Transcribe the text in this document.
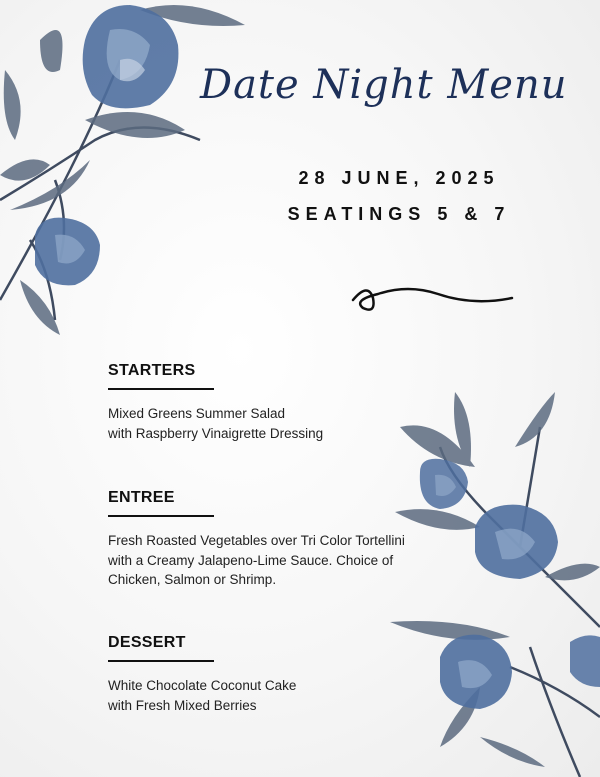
Date Night Menu
28 JUNE, 2025
SEATINGS 5 & 7
STARTERS
Mixed Greens Summer Salad
with Raspberry Vinaigrette Dressing
ENTREE
Fresh Roasted Vegetables over Tri Color Tortellini
with a Creamy Jalapeno-Lime Sauce. Choice of
Chicken, Salmon or Shrimp.
DESSERT
White Chocolate Coconut Cake
with Fresh Mixed Berries
